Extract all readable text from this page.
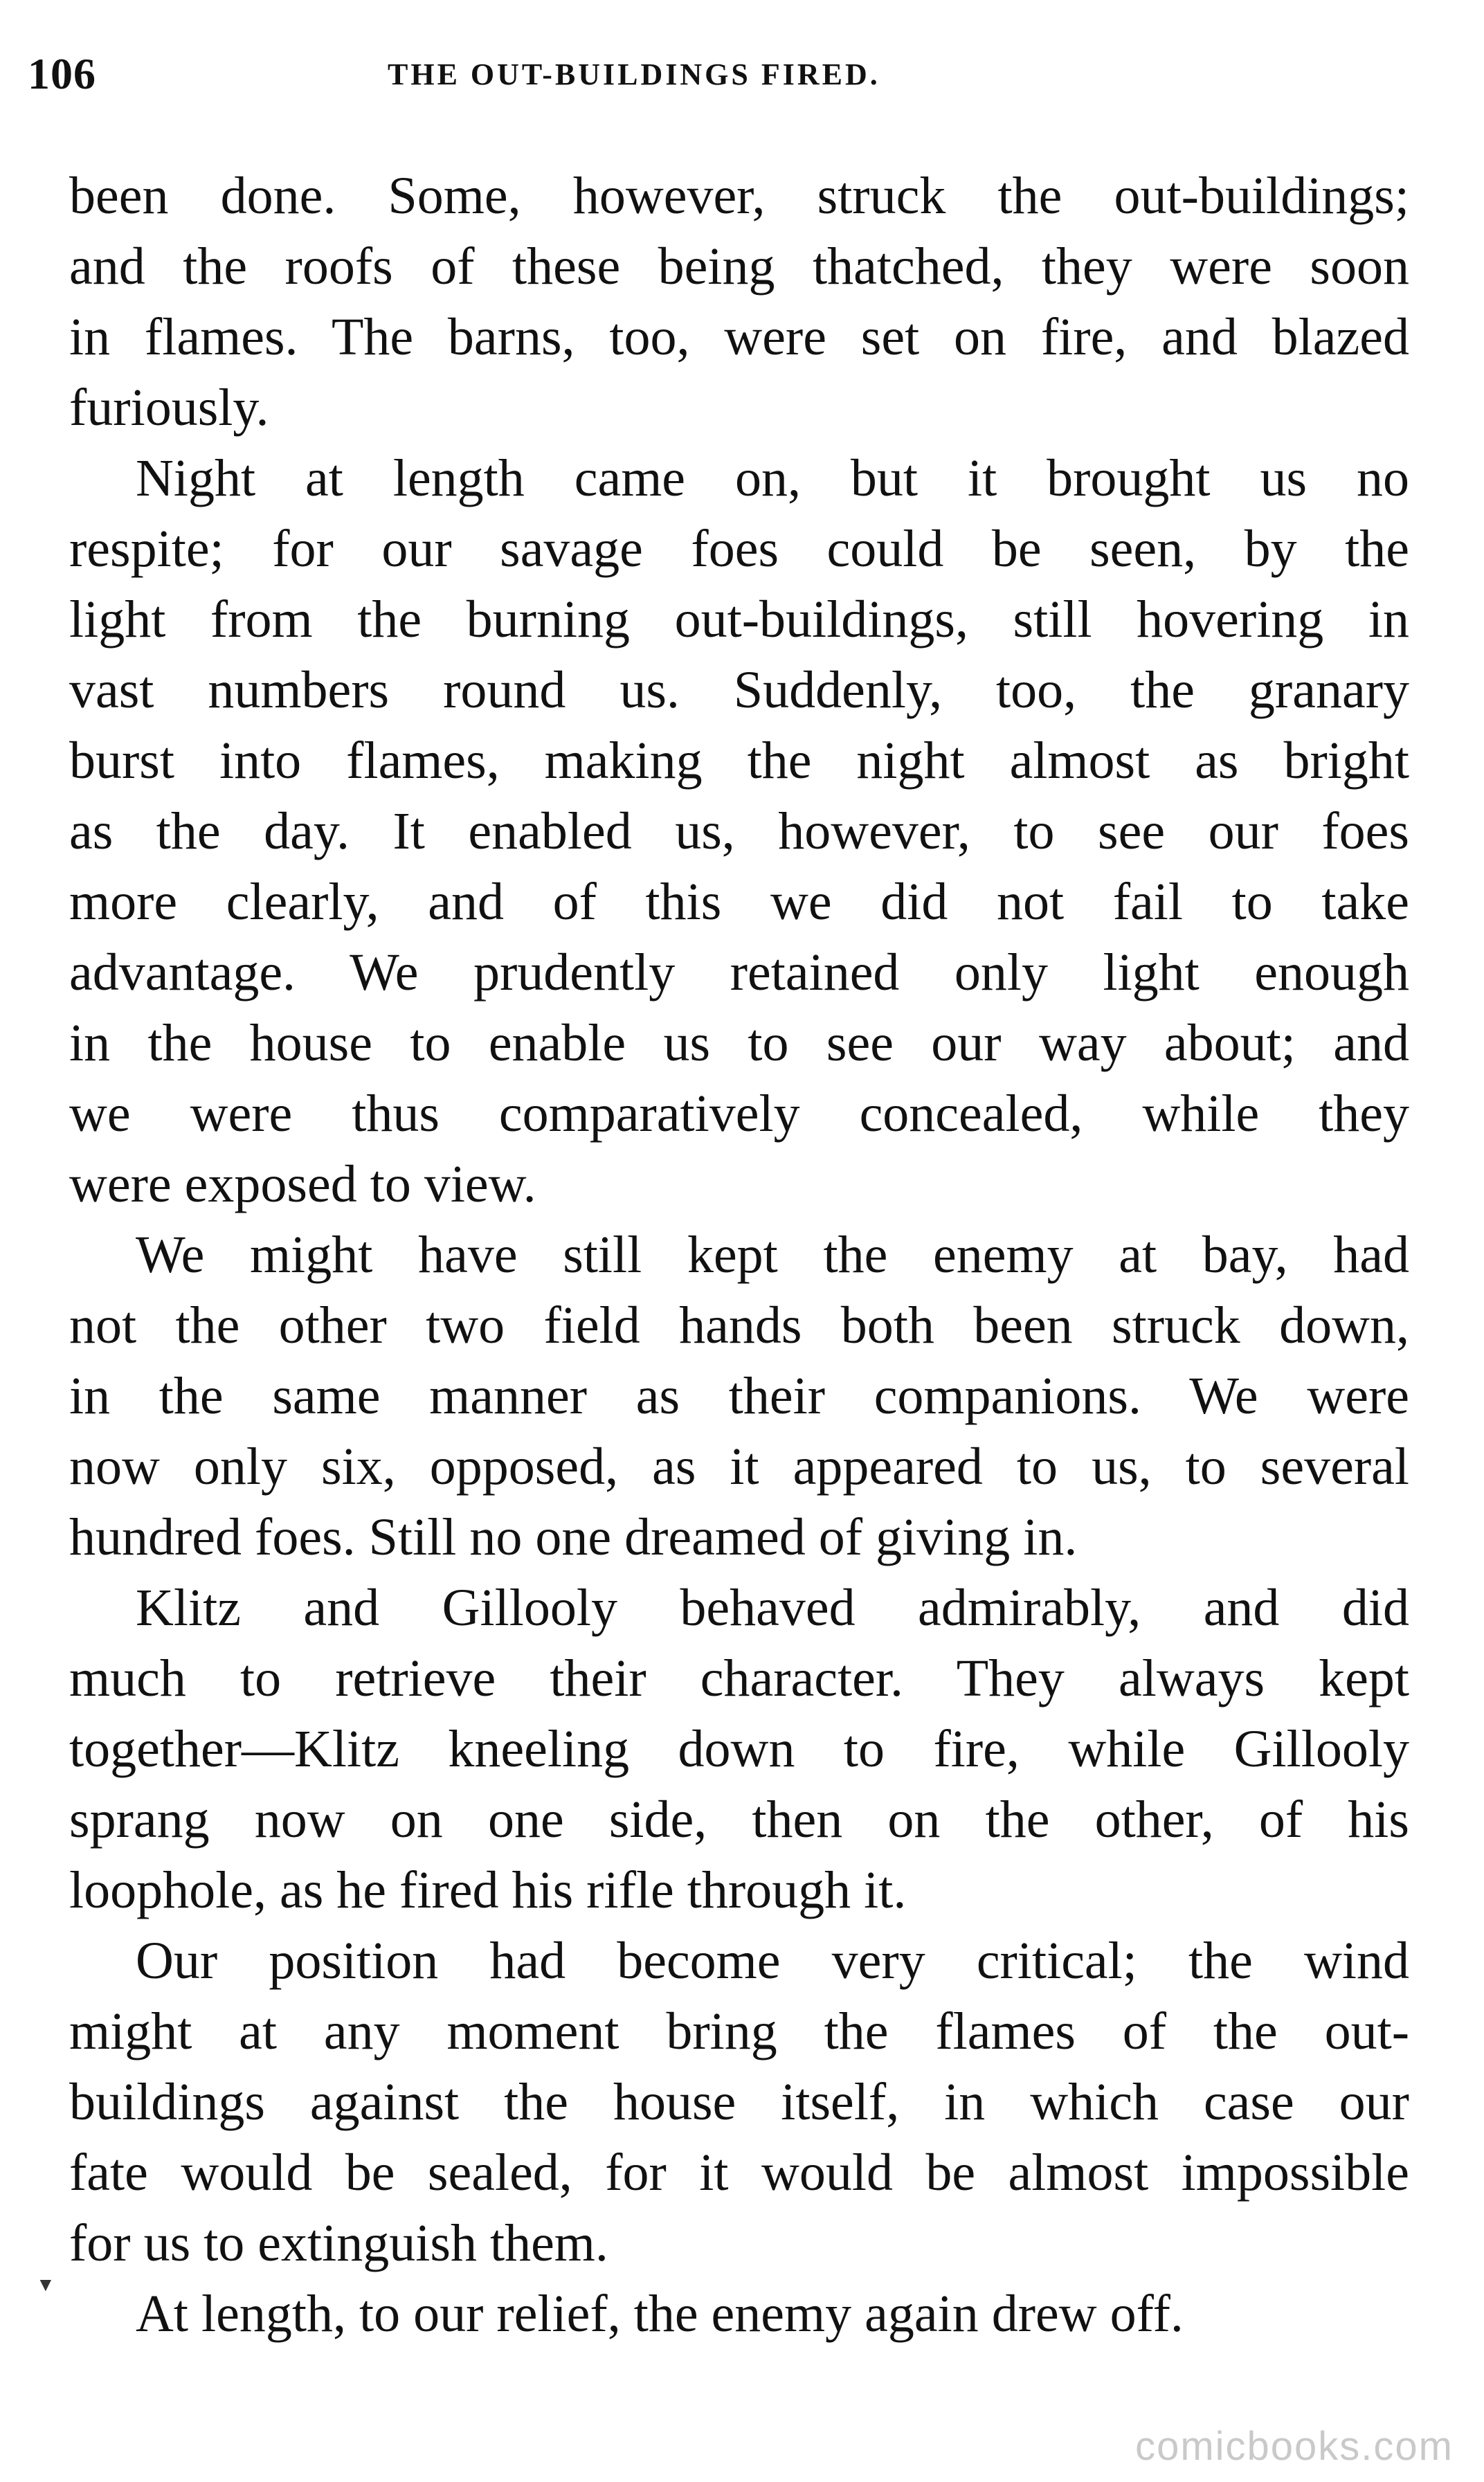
106	THE OUT-BUILDINGS FIRED.
been done. Some, however, struck the out-buildings;
and the roofs of these being thatched, they were soon
in flames. The barns, too, were set on fire, and blazed
furiously.
Night at length came on, but it brought us no
respite; for our savage foes could be seen, by the
light from the burning out-buildings, still hovering in
vast numbers round us. Suddenly, too, the granary
burst into flames, making the night almost as bright
as the day. It enabled us, however, to see our foes
more clearly, and of this we did not fail to take
advantage. We prudently retained only light enough
in the house to enable us to see our way about; and
we were thus comparatively concealed, while they
were exposed to view.
We might have still kept the enemy at bay, had
not the other two field hands both been struck down,
in the same manner as their companions. We were
now only six, opposed, as it appeared to us, to several
hundred foes. Still no one dreamed of giving in.
Klitz and Gillooly behaved admirably, and did
much to retrieve their character. They always kept
together—Klitz kneeling down to fire, while Gillooly
sprang now on one side, then on the other, of his
loophole, as he fired his rifle through it.
Our position had become very critical; the wind
might at any moment bring the flames of the out-
buildings against the house itself, in which case our
fate would be sealed, for it would be almost impossible
for us to extinguish them.
At length, to our relief, the enemy again drew off.
▼
comicbooks.com
